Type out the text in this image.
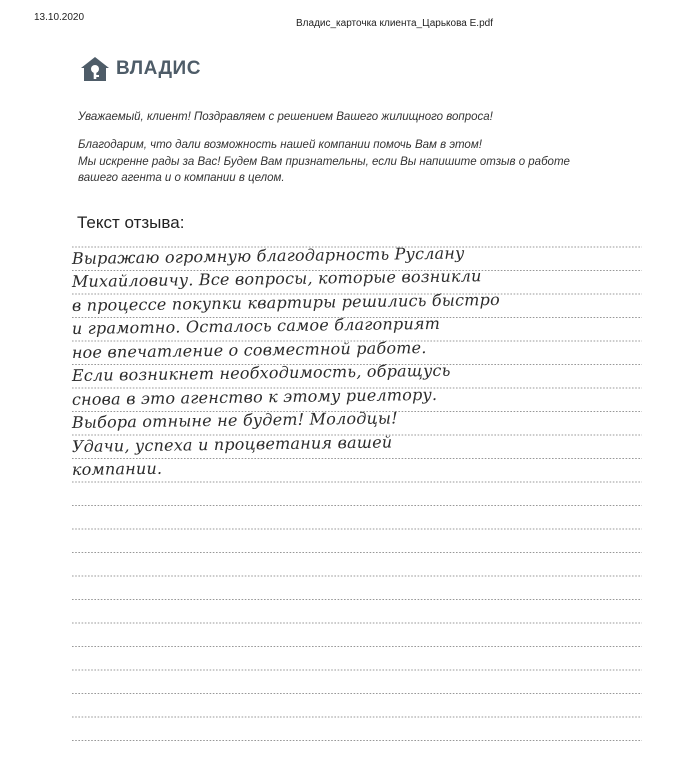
13.10.2020
Владис_карточка клиента_Царькова Е.pdf
ВЛАДИС
Уважаемый, клиент! Поздравляем с решением Вашего жилищного вопроса!
Благодарим, что дали возможность нашей компании помочь Вам в этом!
Мы искренне рады за Вас! Будем Вам признательны, если Вы напишите отзыв о работе
вашего агента и о компании в целом.
Текст отзыва:
Выражаю огромную благодарность Руслану
Михайловичу. Все вопросы, которые возникли
в процессе покупки квартиры решились быстро
и грамотно. Осталось самое благоприят
ное впечатление о совместной работе.
Если возникнет необходимость, обращусь
снова в это агенство к этому риелтору.
Выбора отныне не будет! Молодцы!
Удачи, успеха и процветания вашей
компании.
